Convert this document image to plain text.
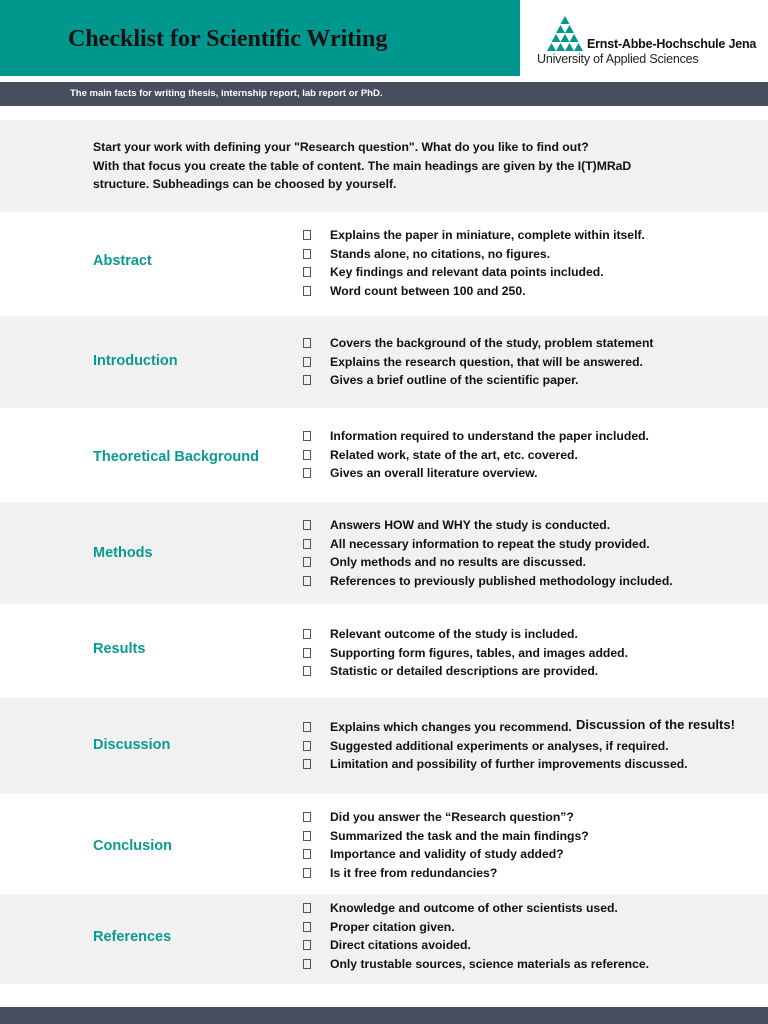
Checklist for Scientific Writing	Ernst-Abbe-Hochschule Jena
University of Applied Sciences
The main facts for writing thesis, internship report, lab report or PhD.
Start your work with defining your "Research question". What do you like to find out?
With that focus you create the table of content. The main headings are given by the I(T)MRaD
structure. Subheadings can be choosed by yourself.
Abstract
Explains the paper in miniature, complete within itself.
Stands alone, no citations, no figures.
Key findings and relevant data points included.
Word count between 100 and 250.
Introduction
Covers the background of the study, problem statement
Explains the research question, that will be answered.
Gives a brief outline of the scientific paper.
Theoretical Background
Information required to understand the paper included.
Related work, state of the art, etc. covered.
Gives an overall literature overview.
Methods
Answers HOW and WHY the study is conducted.
All necessary information to repeat the study provided.
Only methods and no results are discussed.
References to previously published methodology included.
Results
Relevant outcome of the study is included.
Supporting form figures, tables, and images added.
Statistic or detailed descriptions are provided.
Discussion
Explains which changes you recommend.
Suggested additional experiments or analyses, if required.
Limitation and possibility of further improvements discussed.
Discussion of the results!
Conclusion
Did you answer the “Research question”?
Summarized the task and the main findings?
Importance and validity of study added?
Is it free from redundancies?
References
Knowledge and outcome of other scientists used.
Proper citation given.
Direct citations avoided.
Only trustable sources, science materials as reference.
